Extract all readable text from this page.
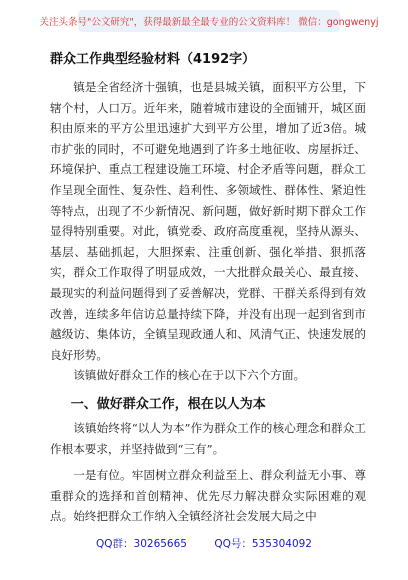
关注头条号"公文研究"，获得最新最全最专业的公文资料库！ 微信：gongwenyj
群众工作典型经验材料（4192字）

镇是全省经济十强镇，也是县城关镇，面积平方公里，下辖个村，人口万。近年来，随着城市建设的全面铺开，城区面积由原来的平方公里迅速扩大到平方公里，增加了近3倍。城市扩张的同时，不可避免地遇到了许多土地征收、房屋拆迁、环境保护、重点工程建设施工环境、村企矛盾等问题，群众工作呈现全面性、复杂性、趋利性、多领域性、群体性、紧迫性等特点，出现了不少新情况、新问题，做好新时期下群众工作显得特别重要。对此，镇党委、政府高度重视，坚持从源头、基层、基础抓起，大胆探索、注重创新、强化举措、狠抓落实，群众工作取得了明显成效，一大批群众最关心、最直接、最现实的利益问题得到了妥善解决，党群、干群关系得到有效改善，连续多年信访总量持续下降，并没有出现一起到省到市越级访、集体访，全镇呈现政通人和、风清气正、快速发展的良好形势。

该镇做好群众工作的核心在于以下六个方面。

一、做好群众工作，根在以人为本

该镇始终将“以人为本”作为群众工作的核心理念和群众工作根本要求，并坚持做到“三有”。

一是有位。牢固树立群众利益至上、群众利益无小事、尊重群众的选择和首创精神、优先尽力解决群众实际困难的观点。始终把群众工作纳入全镇经济社会发展大局之中

QQ群：30265665	QQ号：535304092
